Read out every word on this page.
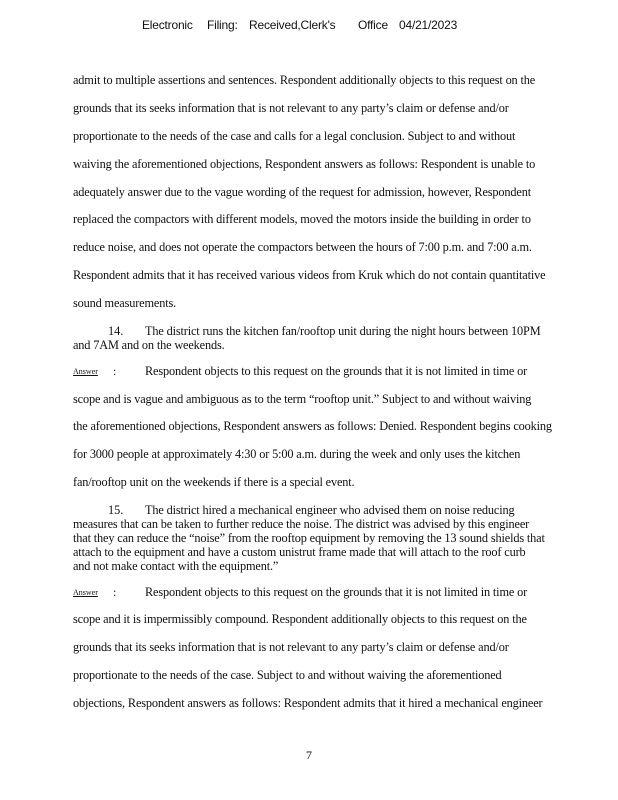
Electronic Filing: Received,Clerk's Office 04/21/2023
admit to multiple assertions and sentences. Respondent additionally objects to this request on the
grounds that its seeks information that is not relevant to any party’s claim or defense and/or
proportionate to the needs of the case and calls for a legal conclusion. Subject to and without
waiving the aforementioned objections, Respondent answers as follows: Respondent is unable to
adequately answer due to the vague wording of the request for admission, however, Respondent
replaced the compactors with different models, moved the motors inside the building in order to
reduce noise, and does not operate the compactors between the hours of 7:00 p.m. and 7:00 a.m.
Respondent admits that it has received various videos from Kruk which do not contain quantitative
sound measurements.
14. The district runs the kitchen fan/rooftop unit during the night hours between 10PM
and 7AM and on the weekends.
Answer : Respondent objects to this request on the grounds that it is not limited in time or
scope and is vague and ambiguous as to the term “rooftop unit.” Subject to and without waiving
the aforementioned objections, Respondent answers as follows: Denied. Respondent begins cooking
for 3000 people at approximately 4:30 or 5:00 a.m. during the week and only uses the kitchen
fan/rooftop unit on the weekends if there is a special event.
15. The district hired a mechanical engineer who advised them on noise reducing
measures that can be taken to further reduce the noise. The district was advised by this engineer
that they can reduce the “noise” from the rooftop equipment by removing the 13 sound shields that
attach to the equipment and have a custom unistrut frame made that will attach to the roof curb
and not make contact with the equipment.”
Answer : Respondent objects to this request on the grounds that it is not limited in time or
scope and it is impermissibly compound. Respondent additionally objects to this request on the
grounds that its seeks information that is not relevant to any party’s claim or defense and/or
proportionate to the needs of the case. Subject to and without waiving the aforementioned
objections, Respondent answers as follows: Respondent admits that it hired a mechanical engineer
7
